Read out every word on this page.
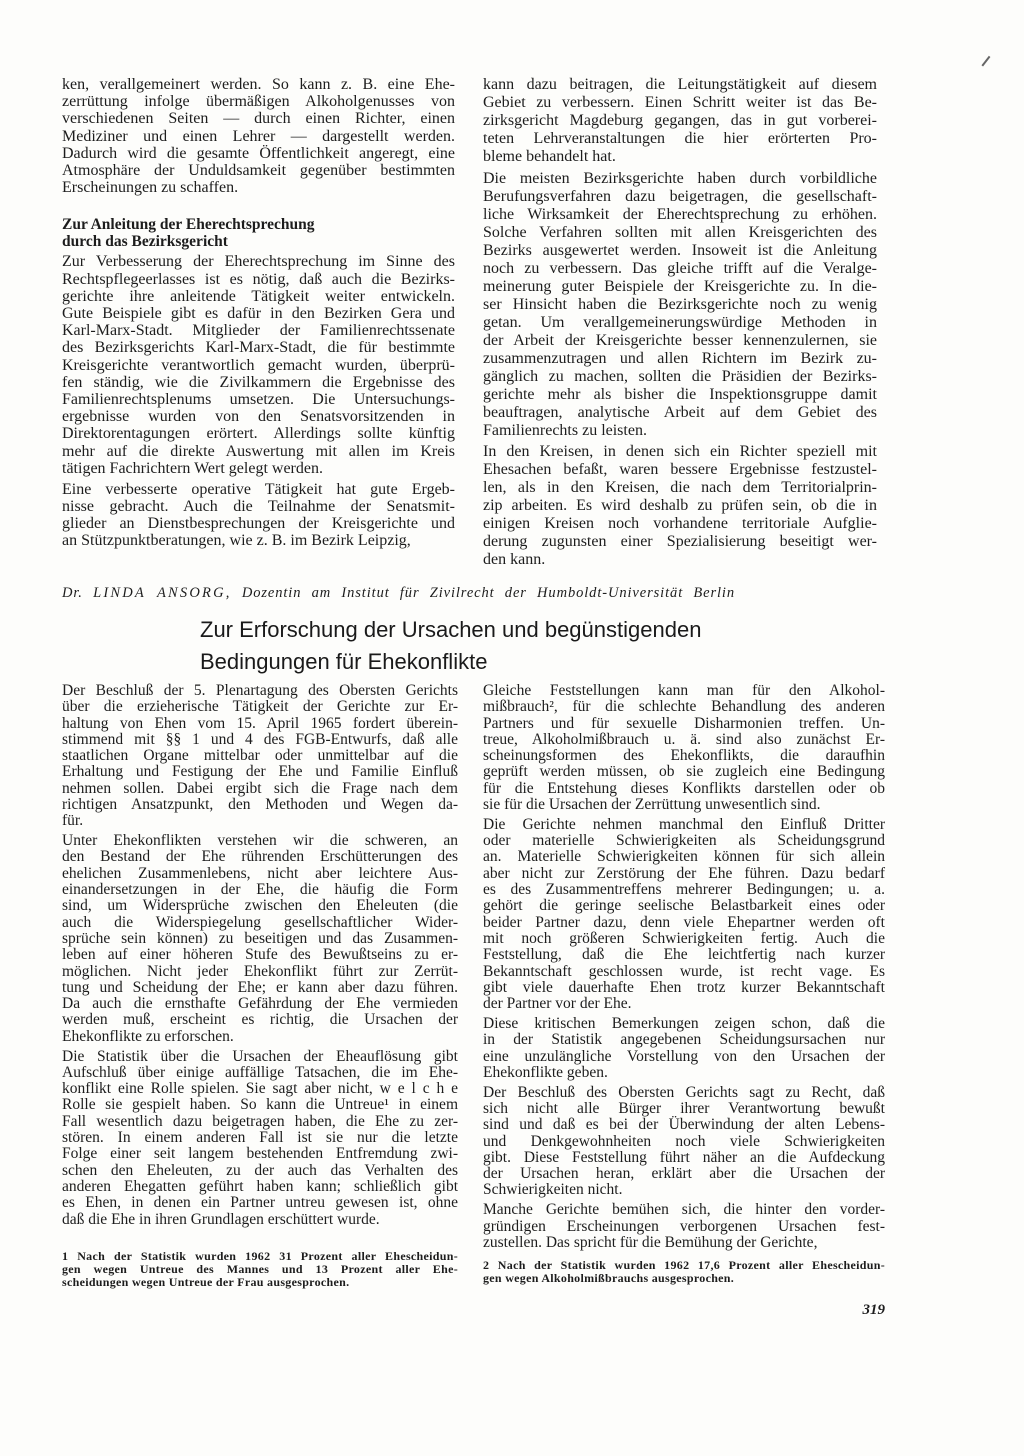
ken, verallgemeinert werden. So kann z. B. eine Ehe-
zerrüttung infolge übermäßigen Alkoholgenusses von
verschiedenen Seiten — durch einen Richter, einen
Mediziner und einen Lehrer — dargestellt werden.
Dadurch wird die gesamte Öffentlichkeit angeregt, eine
Atmosphäre der Unduldsamkeit gegenüber bestimmten
Erscheinungen zu schaffen.
Zur Anleitung der Eherechtsprechung
durch das Bezirksgericht
Zur Verbesserung der Eherechtsprechung im Sinne des
Rechtspflegeerlasses ist es nötig, daß auch die Bezirks-
gerichte ihre anleitende Tätigkeit weiter entwickeln.
Gute Beispiele gibt es dafür in den Bezirken Gera und
Karl-Marx-Stadt. Mitglieder der Familienrechtssenate
des Bezirksgerichts Karl-Marx-Stadt, die für bestimmte
Kreisgerichte verantwortlich gemacht wurden, überprü-
fen ständig, wie die Zivilkammern die Ergebnisse des
Familienrechtsplenums umsetzen. Die Untersuchungs-
ergebnisse wurden von den Senatsvorsitzenden in
Direktorentagungen erörtert. Allerdings sollte künftig
mehr auf die direkte Auswertung mit allen im Kreis
tätigen Fachrichtern Wert gelegt werden.
Eine verbesserte operative Tätigkeit hat gute Ergeb-
nisse gebracht. Auch die Teilnahme der Senatsmit-
glieder an Dienstbesprechungen der Kreisgerichte und
an Stützpunktberatungen, wie z. B. im Bezirk Leipzig,
kann dazu beitragen, die Leitungstätigkeit auf diesem
Gebiet zu verbessern. Einen Schritt weiter ist das Be-
zirksgericht Magdeburg gegangen, das in gut vorberei-
teten Lehrveranstaltungen die hier erörterten Pro-
bleme behandelt hat.
Die meisten Bezirksgerichte haben durch vorbildliche
Berufungsverfahren dazu beigetragen, die gesellschaft-
liche Wirksamkeit der Eherechtsprechung zu erhöhen.
Solche Verfahren sollten mit allen Kreisgerichten des
Bezirks ausgewertet werden. Insoweit ist die Anleitung
noch zu verbessern. Das gleiche trifft auf die Veralge-
meinerung guter Beispiele der Kreisgerichte zu. In die-
ser Hinsicht haben die Bezirksgerichte noch zu wenig
getan. Um verallgemeinerungswürdige Methoden in
der Arbeit der Kreisgerichte besser kennenzulernen, sie
zusammenzutragen und allen Richtern im Bezirk zu-
gänglich zu machen, sollten die Präsidien der Bezirks-
gerichte mehr als bisher die Inspektionsgruppe damit
beauftragen, analytische Arbeit auf dem Gebiet des
Familienrechts zu leisten.
In den Kreisen, in denen sich ein Richter speziell mit
Ehesachen befaßt, waren bessere Ergebnisse festzustel-
len, als in den Kreisen, die nach dem Territorialprin-
zip arbeiten. Es wird deshalb zu prüfen sein, ob die in
einigen Kreisen noch vorhandene territoriale Aufglie-
derung zugunsten einer Spezialisierung beseitigt wer-
den kann.
Dr. LINDA ANSORG, Dozentin am Institut für Zivilrecht der Humboldt-Universität Berlin
Zur Erforschung der Ursachen und begünstigenden
Bedingungen für Ehekonflikte
Der Beschluß der 5. Plenartagung des Obersten Gerichts
über die erzieherische Tätigkeit der Gerichte zur Er-
haltung von Ehen vom 15. April 1965 fordert überein-
stimmend mit §§ 1 und 4 des FGB-Entwurfs, daß alle
staatlichen Organe mittelbar oder unmittelbar auf die
Erhaltung und Festigung der Ehe und Familie Einfluß
nehmen sollen. Dabei ergibt sich die Frage nach dem
richtigen Ansatzpunkt, den Methoden und Wegen da-
für.
Unter Ehekonflikten verstehen wir die schweren, an
den Bestand der Ehe rührenden Erschütterungen des
ehelichen Zusammenlebens, nicht aber leichtere Aus-
einandersetzungen in der Ehe, die häufig die Form
sind, um Widersprüche zwischen den Eheleuten (die
auch die Widerspiegelung gesellschaftlicher Wider-
sprüche sein können) zu beseitigen und das Zusammen-
leben auf einer höheren Stufe des Bewußtseins zu er-
möglichen. Nicht jeder Ehekonflikt führt zur Zerrüt-
tung und Scheidung der Ehe; er kann aber dazu führen.
Da auch die ernsthafte Gefährdung der Ehe vermieden
werden muß, erscheint es richtig, die Ursachen der
Ehekonflikte zu erforschen.
Die Statistik über die Ursachen der Eheauflösung gibt
Aufschluß über einige auffällige Tatsachen, die im Ehe-
konflikt eine Rolle spielen. Sie sagt aber nicht, w e l c h e
Rolle sie gespielt haben. So kann die Untreue¹ in einem
Fall wesentlich dazu beigetragen haben, die Ehe zu zer-
stören. In einem anderen Fall ist sie nur die letzte
Folge einer seit langem bestehenden Entfremdung zwi-
schen den Eheleuten, zu der auch das Verhalten des
anderen Ehegatten geführt haben kann; schließlich gibt
es Ehen, in denen ein Partner untreu gewesen ist, ohne
daß die Ehe in ihren Grundlagen erschüttert wurde.
Gleiche Feststellungen kann man für den Alkohol-
mißbrauch², für die schlechte Behandlung des anderen
Partners und für sexuelle Disharmonien treffen. Un-
treue, Alkoholmißbrauch u. ä. sind also zunächst Er-
scheinungsformen des Ehekonflikts, die daraufhin
geprüft werden müssen, ob sie zugleich eine Bedingung
für die Entstehung dieses Konflikts darstellen oder ob
sie für die Ursachen der Zerrüttung unwesentlich sind.
Die Gerichte nehmen manchmal den Einfluß Dritter
oder materielle Schwierigkeiten als Scheidungsgrund
an. Materielle Schwierigkeiten können für sich allein
aber nicht zur Zerstörung der Ehe führen. Dazu bedarf
es des Zusammentreffens mehrerer Bedingungen; u. a.
gehört die geringe seelische Belastbarkeit eines oder
beider Partner dazu, denn viele Ehepartner werden oft
mit noch größeren Schwierigkeiten fertig. Auch die
Feststellung, daß die Ehe leichtfertig nach kurzer
Bekanntschaft geschlossen wurde, ist recht vage. Es
gibt viele dauerhafte Ehen trotz kurzer Bekanntschaft
der Partner vor der Ehe.
Diese kritischen Bemerkungen zeigen schon, daß die
in der Statistik angegebenen Scheidungsursachen nur
eine unzulängliche Vorstellung von den Ursachen der
Ehekonflikte geben.
Der Beschluß des Obersten Gerichts sagt zu Recht, daß
sich nicht alle Bürger ihrer Verantwortung bewußt
sind und daß es bei der Überwindung der alten Lebens-
und Denkgewohnheiten noch viele Schwierigkeiten
gibt. Diese Feststellung führt näher an die Aufdeckung
der Ursachen heran, erklärt aber die Ursachen der
Schwierigkeiten nicht.
Manche Gerichte bemühen sich, die hinter den vorder-
gründigen Erscheinungen verborgenen Ursachen fest-
zustellen. Das spricht für die Bemühung der Gerichte,
1 Nach der Statistik wurden 1962 31 Prozent aller Ehescheidun-
gen wegen Untreue des Mannes und 13 Prozent aller Ehe-
scheidungen wegen Untreue der Frau ausgesprochen.
2 Nach der Statistik wurden 1962 17,6 Prozent aller Ehescheidun-
gen wegen Alkoholmißbrauchs ausgesprochen.
319
